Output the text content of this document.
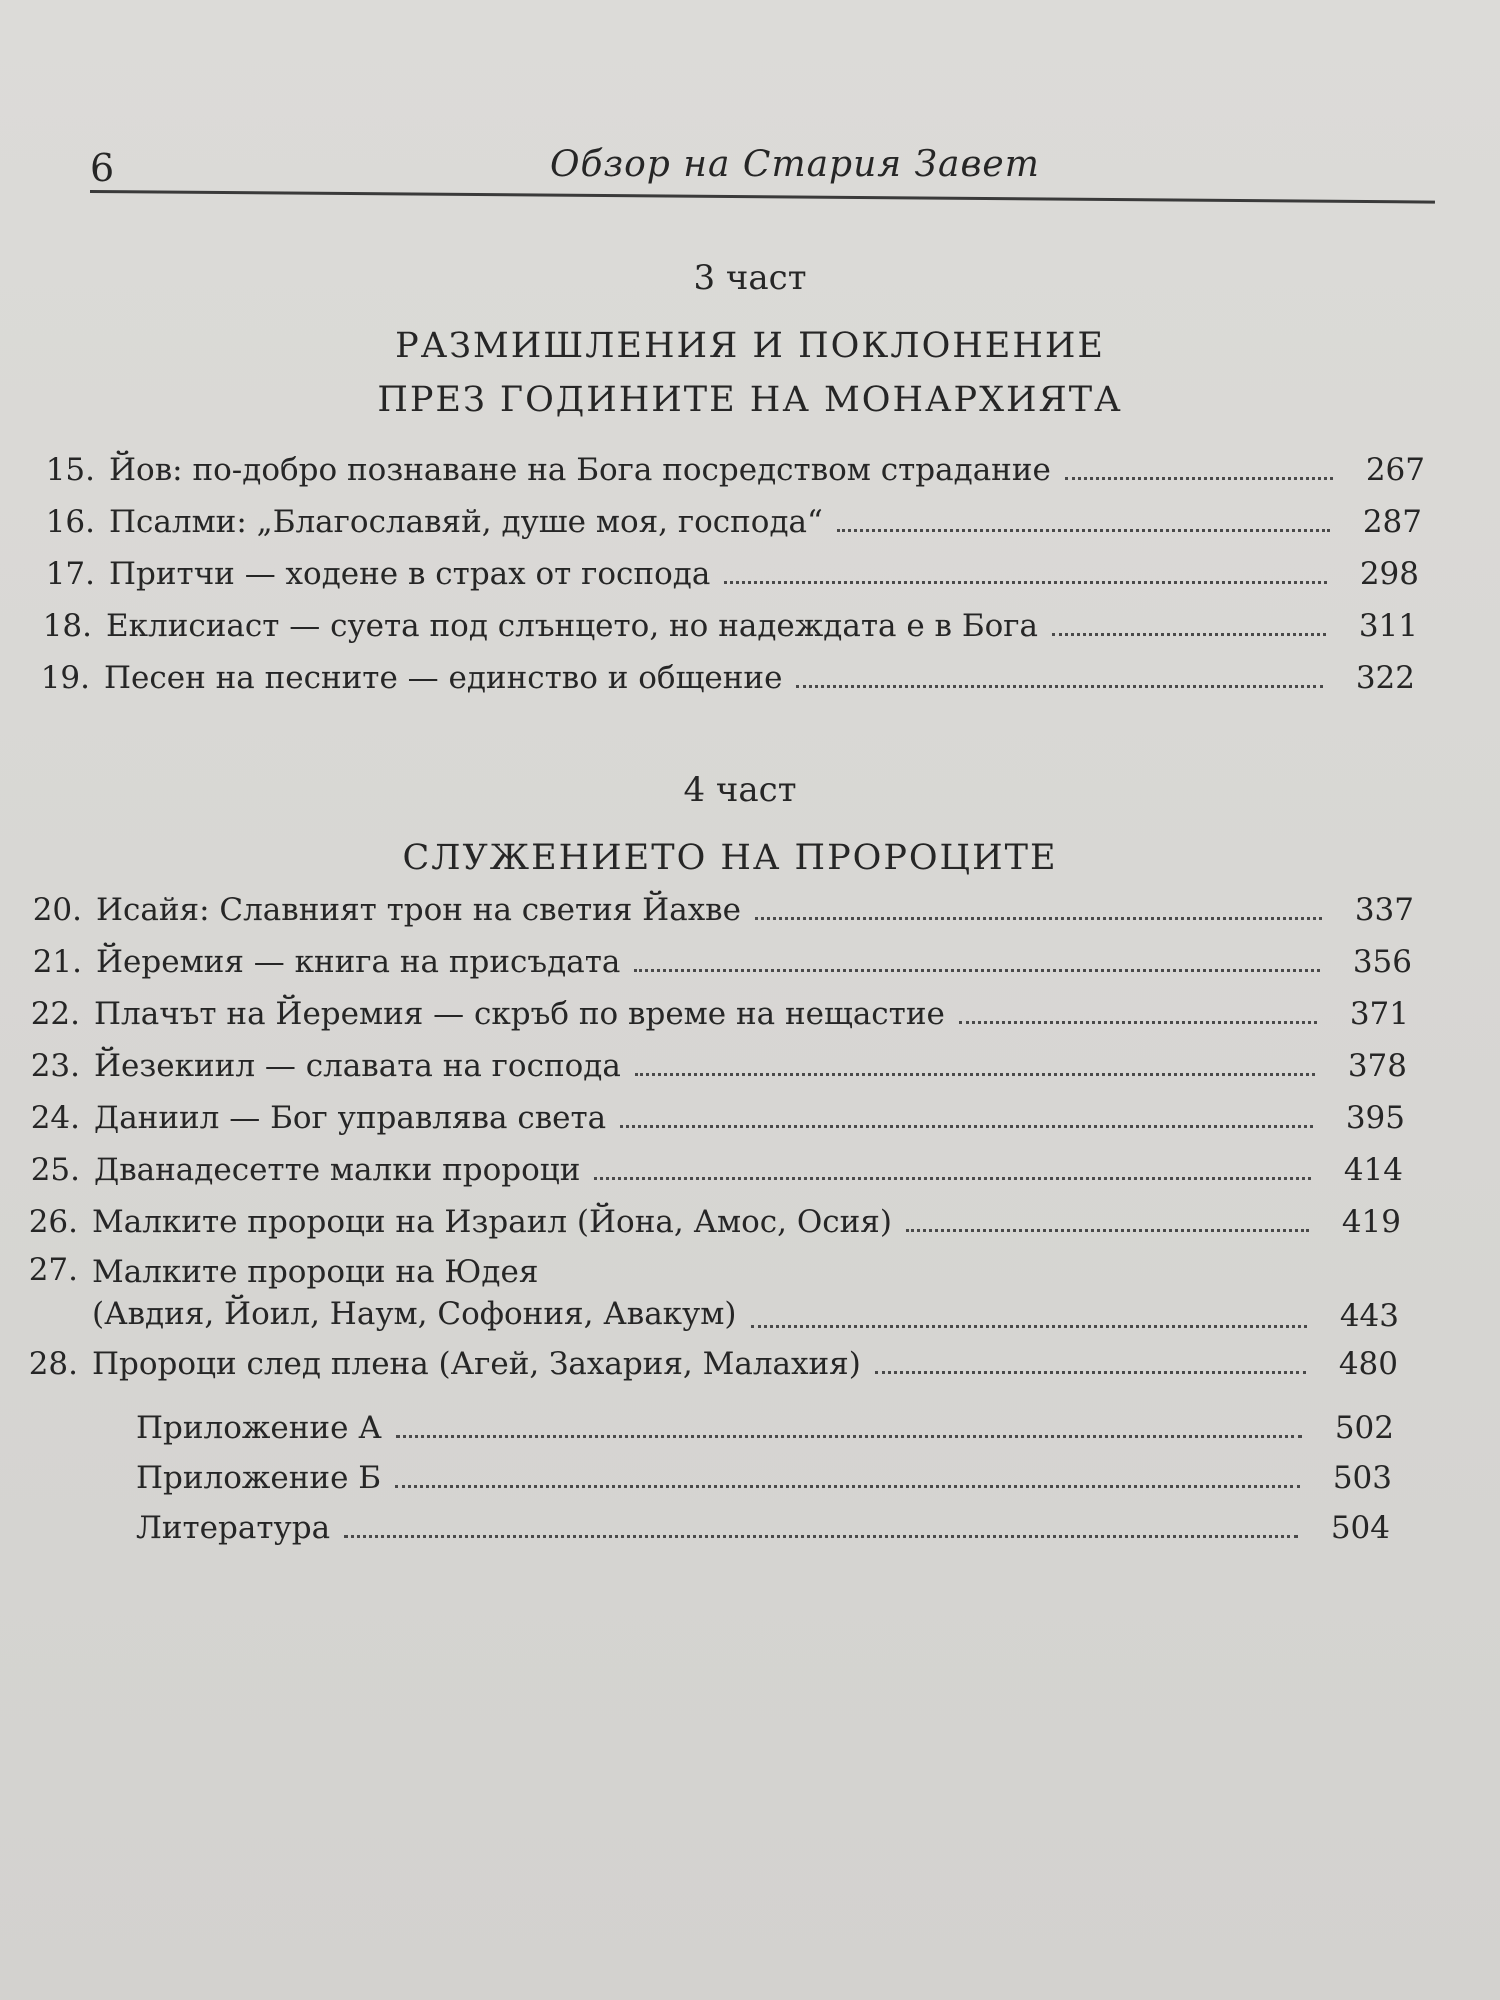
6	Обзор на Стария Завет
3 част
РАЗМИШЛЕНИЯ И ПОКЛОНЕНИЕ
ПРЕЗ ГОДИНИТЕ НА МОНАРХИЯТА
15. Йов: по-добро познаване на Бога посредством страдание	267
16. Псалми: „Благославяй, душе моя, господа“	287
17. Притчи — ходене в страх от господа	298
18. Еклисиаст — суета под слънцето, но надеждата е в Бога	311
19. Песен на песните — единство и общение	322
4 част
СЛУЖЕНИЕТО НА ПРОРОЦИТЕ
20. Исайя: Славният трон на светия Йахве	337
21. Йеремия — книга на присъдата	356
22. Плачът на Йеремия — скръб по време на нещастие	371
23. Йезекиил — славата на господа	378
24. Даниил — Бог управлява света	395
25. Дванадесетте малки пророци	414
26. Малките пророци на Израил (Йона, Амос, Осия)	419
27. Малките пророци на Юдея
(Авдия, Йоил, Наум, Софония, Авакум)	443
28. Пророци след плена (Агей, Захария, Малахия)	480
Приложение А	502
Приложение Б	503
Литература	504
